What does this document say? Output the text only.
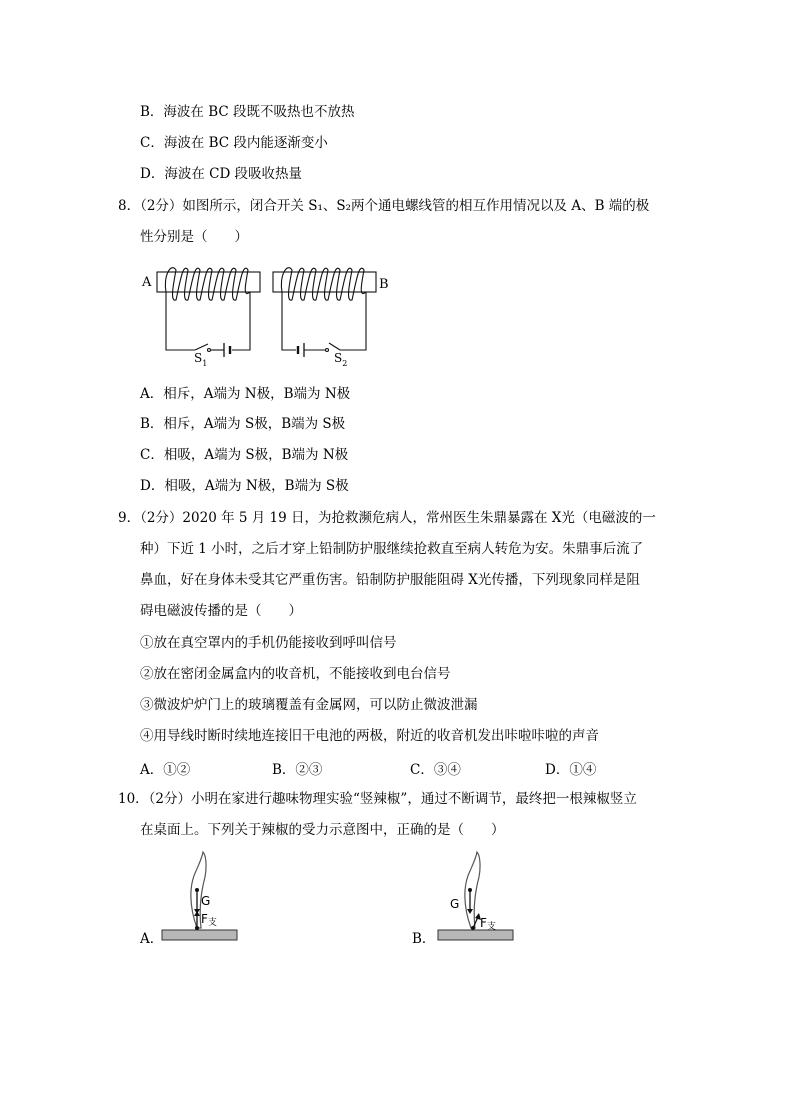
B．海波在 BC 段既不吸热也不放热
C．海波在 BC 段内能逐渐变小
D．海波在 CD 段吸收热量
8．（2分）如图所示，闭合开关 S₁、S₂两个通电螺线管的相互作用情况以及 A、B 端的极
性分别是（　　）
A	B
$S_1$	$S_2$
A．相斥，A端为 N极，B端为 N极
B．相斥，A端为 S极，B端为 S极
C．相吸，A端为 S极，B端为 N极
D．相吸，A端为 N极，B端为 S极
9．（2分）2020 年 5 月 19 日，为抢救濒危病人，常州医生朱鼎暴露在 X光（电磁波的一
种）下近 1 小时，之后才穿上铅制防护服继续抢救直至病人转危为安。朱鼎事后流了
鼻血，好在身体未受其它严重伤害。铅制防护服能阻碍 X光传播，下列现象同样是阻
碍电磁波传播的是（　　）
①放在真空罩内的手机仍能接收到呼叫信号
②放在密闭金属盒内的收音机，不能接收到电台信号
③微波炉炉门上的玻璃覆盖有金属网，可以防止微波泄漏
④用导线时断时续地连接旧干电池的两极，附近的收音机发出咔啦咔啦的声音
A．①②	B．②③	C．③④	D．①④
10．（2分）小明在家进行趣味物理实验“竖辣椒”，通过不断调节，最终把一根辣椒竖立
在桌面上。下列关于辣椒的受力示意图中，正确的是（　　）
G
F支
G
F支
A．	B．
